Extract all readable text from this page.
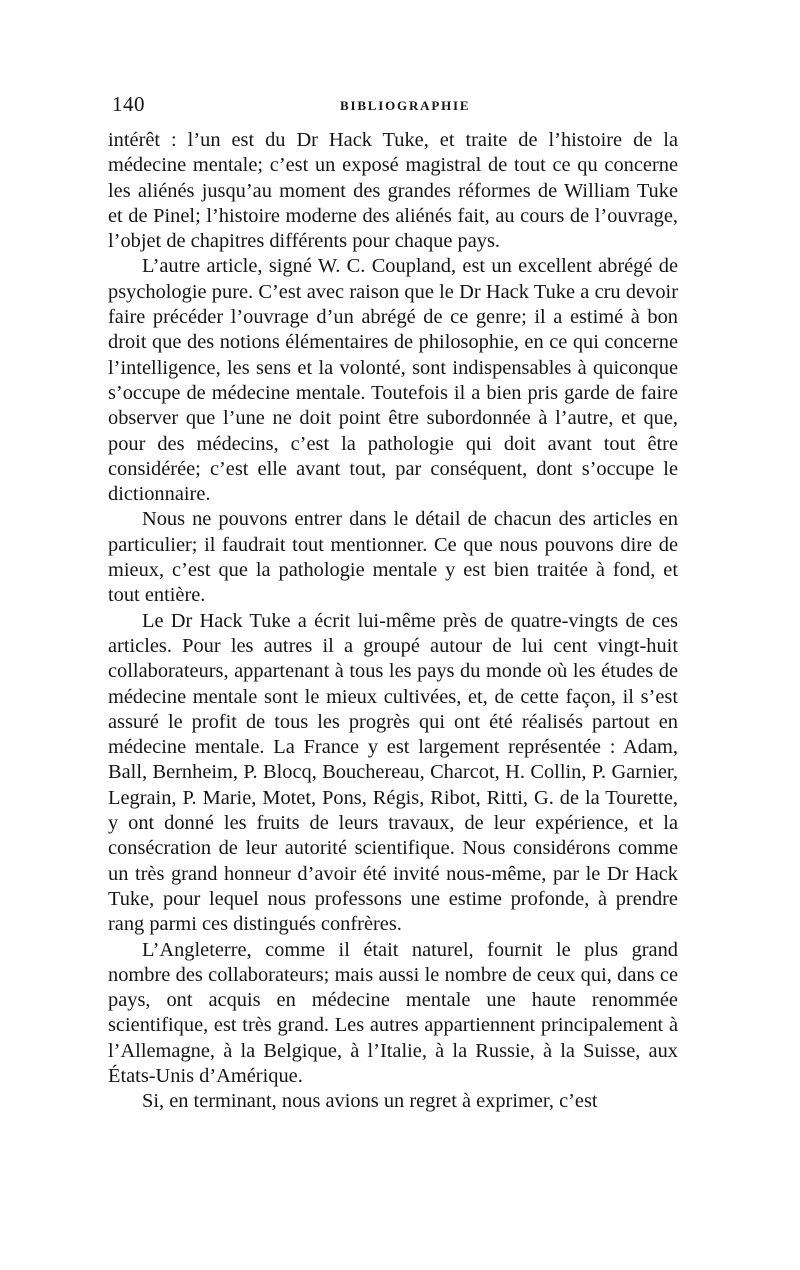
140	BIBLIOGRAPHIE

intérêt : l’un est du Dr Hack Tuke, et traite de l’histoire de la médecine mentale; c’est un exposé magistral de tout ce qu concerne les aliénés jusqu’au moment des grandes réformes de William Tuke et de Pinel; l’histoire moderne des aliénés fait, au cours de l’ouvrage, l’objet de chapitres différents pour chaque pays.

L’autre article, signé W. C. Coupland, est un excellent abrégé de psychologie pure. C’est avec raison que le Dr Hack Tuke a cru devoir faire précéder l’ouvrage d’un abrégé de ce genre; il a estimé à bon droit que des notions élémentaires de philosophie, en ce qui concerne l’intelligence, les sens et la volonté, sont indispensables à quiconque s’occupe de médecine mentale. Toutefois il a bien pris garde de faire observer que l’une ne doit point être subordonnée à l’autre, et que, pour des médecins, c’est la pathologie qui doit avant tout être considérée; c’est elle avant tout, par conséquent, dont s’occupe le dictionnaire.

Nous ne pouvons entrer dans le détail de chacun des articles en particulier; il faudrait tout mentionner. Ce que nous pouvons dire de mieux, c’est que la pathologie mentale y est bien traitée à fond, et tout entière.

Le Dr Hack Tuke a écrit lui-même près de quatre-vingts de ces articles. Pour les autres il a groupé autour de lui cent vingt-huit collaborateurs, appartenant à tous les pays du monde où les études de médecine mentale sont le mieux cultivées, et, de cette façon, il s’est assuré le profit de tous les progrès qui ont été réalisés partout en médecine mentale. La France y est largement représentée : Adam, Ball, Bernheim, P. Blocq, Bouchereau, Charcot, H. Collin, P. Garnier, Legrain, P. Marie, Motet, Pons, Régis, Ribot, Ritti, G. de la Tourette, y ont donné les fruits de leurs travaux, de leur expérience, et la consécration de leur autorité scientifique. Nous considérons comme un très grand honneur d’avoir été invité nous-même, par le Dr Hack Tuke, pour lequel nous professons une estime profonde, à prendre rang parmi ces distingués confrères.

L’Angleterre, comme il était naturel, fournit le plus grand nombre des collaborateurs; mais aussi le nombre de ceux qui, dans ce pays, ont acquis en médecine mentale une haute renommée scientifique, est très grand. Les autres appartiennent principalement à l’Allemagne, à la Belgique, à l’Italie, à la Russie, à la Suisse, aux États-Unis d’Amérique.

Si, en terminant, nous avions un regret à exprimer, c’est
